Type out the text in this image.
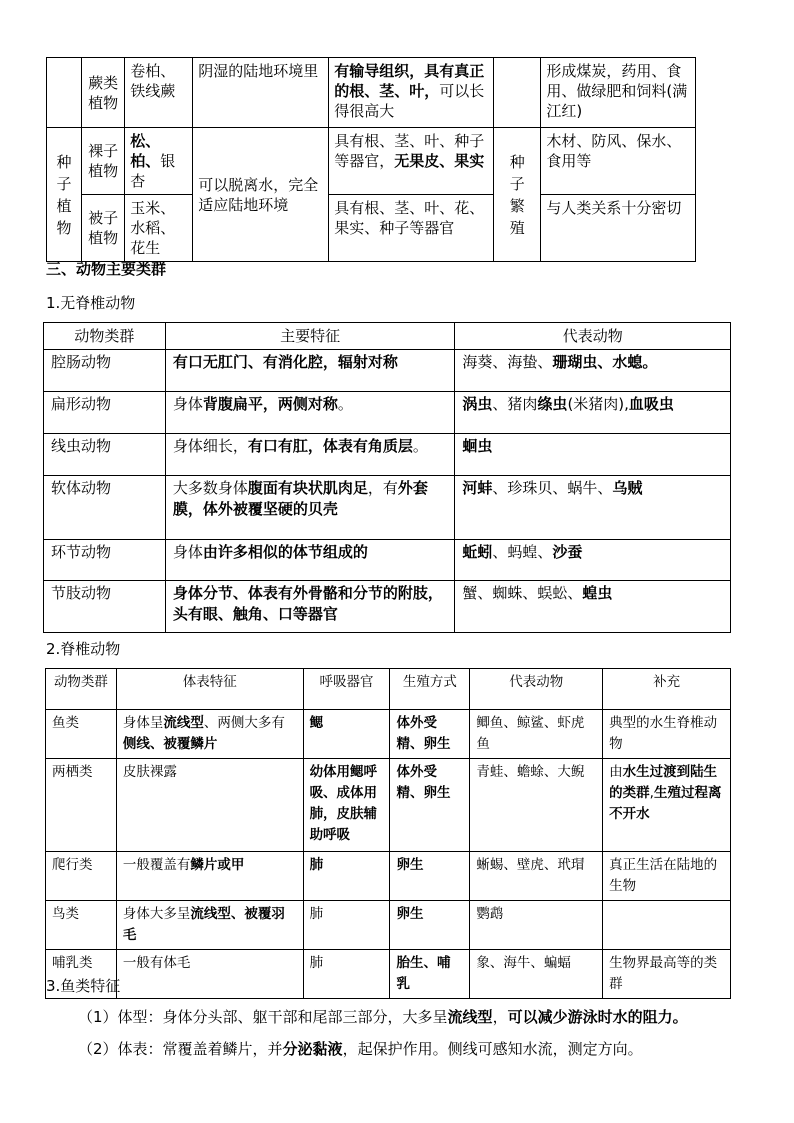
	蕨类植物	卷柏、铁线蕨	阴湿的陆地环境里	有输导组织，具有真正的根、茎、叶，可以长得很高大		形成煤炭，药用、食用、做绿肥和饲料(满江红)
种子植物	裸子植物	松、柏、银杏	可以脱离水，完全适应陆地环境	具有根、茎、叶、种子等器官，无果皮、果实	种子繁殖	木材、防风、保水、食用等
	被子植物	玉米、水稻、花生		具有根、茎、叶、花、果实、种子等器官		与人类关系十分密切
三、动物主要类群
1.无脊椎动物
动物类群	主要特征	代表动物
腔肠动物	有口无肛门、有消化腔，辐射对称	海葵、海蛰、珊瑚虫、水螅。
扁形动物	身体背腹扁平，两侧对称。	涡虫、猪肉绦虫(米猪肉),血吸虫
线虫动物	身体细长，有口有肛，体表有角质层。	蛔虫
软体动物	大多数身体腹面有块状肌肉足，有外套膜，体外被覆坚硬的贝壳	河蚌、珍珠贝、蜗牛、乌贼
环节动物	身体由许多相似的体节组成的	蚯蚓、蚂蝗、沙蚕
节肢动物	身体分节、体表有外骨骼和分节的附肢，头有眼、触角、口等器官	蟹、蜘蛛、蜈蚣、蝗虫
2.脊椎动物
动物类群	体表特征	呼吸器官	生殖方式	代表动物	补充
鱼类	身体呈流线型、两侧大多有侧线、被覆鳞片	鳃	体外受精、卵生	鲫鱼、鲸鲨、虾虎鱼	典型的水生脊椎动物
两栖类	皮肤裸露	幼体用鳃呼吸、成体用肺，皮肤辅助呼吸	体外受精、卵生	青蛙、蟾蜍、大鲵	由水生过渡到陆生的类群,生殖过程离不开水
爬行类	一般覆盖有鳞片或甲	肺	卵生	蜥蜴、壁虎、玳瑁	真正生活在陆地的生物
鸟类	身体大多呈流线型、被覆羽毛	肺	卵生	鹦鹉	
哺乳类	一般有体毛	肺	胎生、哺乳	象、海牛、蝙蝠	生物界最高等的类群
3.鱼类特征
（1）体型：身体分头部、躯干部和尾部三部分，大多呈流线型，可以减少游泳时水的阻力。
（2）体表：常覆盖着鳞片，并分泌黏液，起保护作用。侧线可感知水流，测定方向。
